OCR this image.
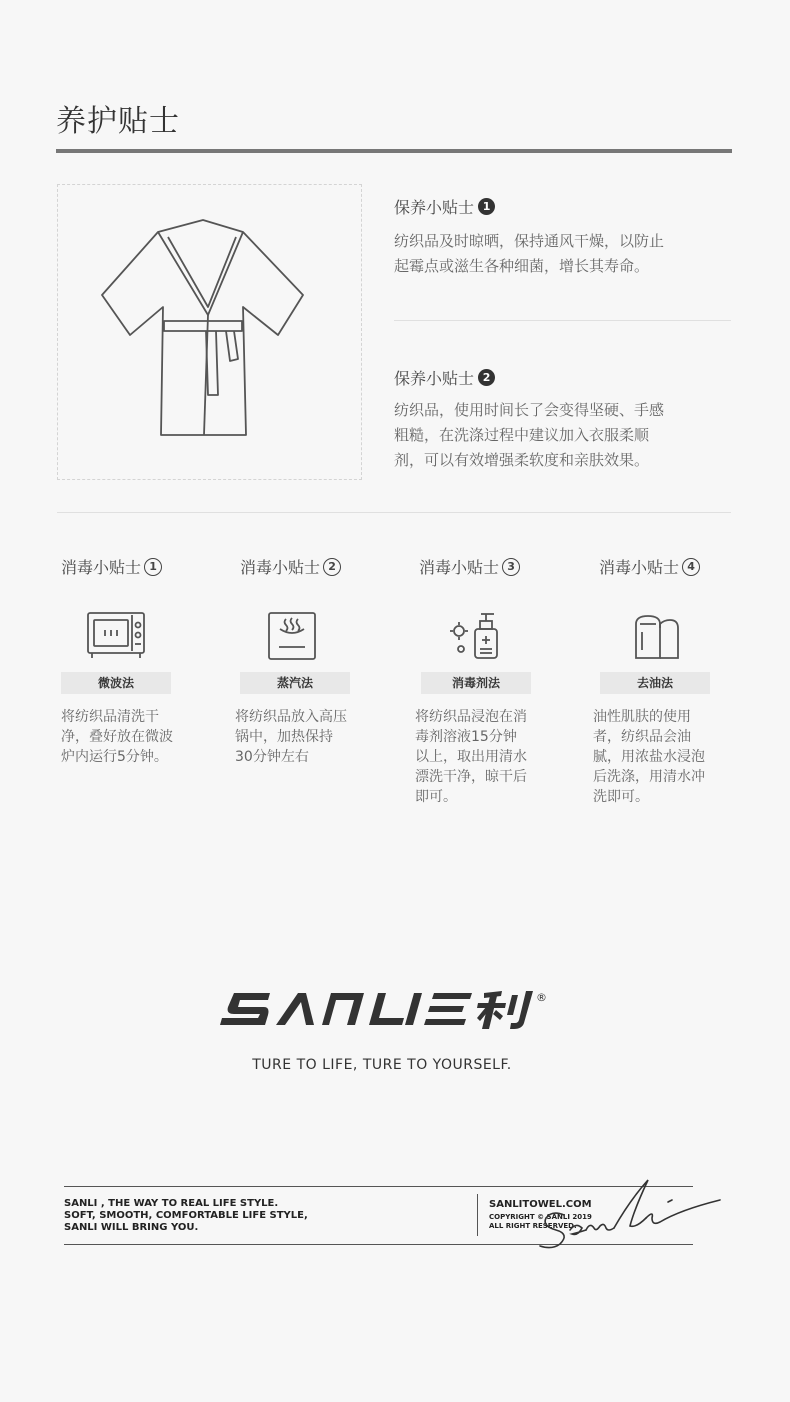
养护贴士
保养小贴士 1
纺织品及时晾晒，保持通风干燥，以防止
起霉点或滋生各种细菌，增长其寿命。
保养小贴士 2
纺织品，使用时间长了会变得坚硬、手感
粗糙，在洗涤过程中建议加入衣服柔顺
剂，可以有效增强柔软度和亲肤效果。
消毒小贴士 1
微波法
将纺织品清洗干
净，叠好放在微波
炉内运行5分钟。
消毒小贴士 2
蒸汽法
将纺织品放入高压
锅中，加热保持
30分钟左右
消毒小贴士 3
消毒剂法
将纺织品浸泡在消
毒剂溶液15分钟
以上，取出用清水
漂洗干净，晾干后
即可。
消毒小贴士 4
去油法
油性肌肤的使用
者，纺织品会油
腻，用浓盐水浸泡
后洗涤，用清水冲
洗即可。
®
TURE TO LIFE, TURE TO YOURSELF.
SANLI , THE WAY TO REAL LIFE STYLE.
SOFT, SMOOTH, COMFORTABLE LIFE STYLE,
SANLI WILL BRING YOU.
SANLITOWEL.COM
COPYRIGHT © SANLI 2019
ALL RIGHT RESERVED.
